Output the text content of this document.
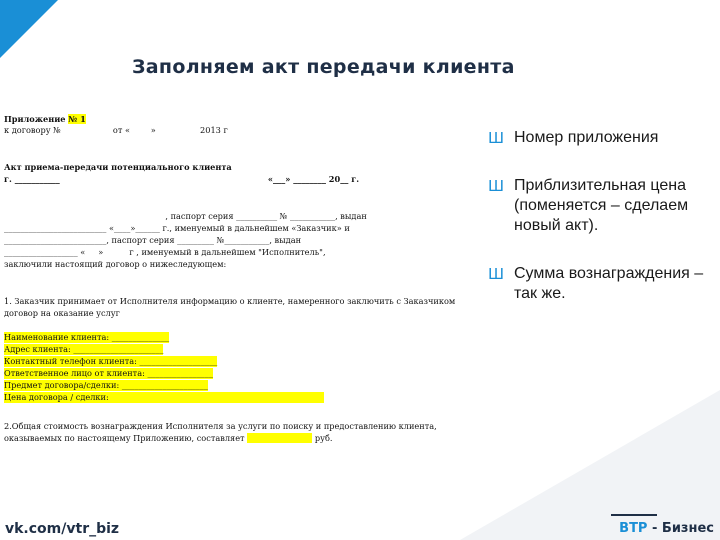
Заполняем акт передачи клиента
Приложение № 1
к договору №                    от «        »                 2013 г
Акт приема-передачи потенциального клиента
г. ___________                                                                         «___» ________ 20__ г.
, паспорт серия __________ № ___________, выдан
_________________________ «____»______ г., именуемый в дальнейшем «Заказчик» и
_________________________, паспорт серия _________ №___________, выдан
__________________ «     »          г , именуемый в дальнейшем "Исполнитель",
заключили настоящий договор о нижеследующем:
1. Заказчик принимает от Исполнителя информацию о клиенте, намеренного заключить с Заказчиком
договор на оказание услуг
Наименование клиента: ______________
Адрес клиента: ______________________
Контактный телефон клиента: ___________________
Ответственное лицо от клиента: ________________
Предмет договора/сделки: _____________________
Цена договора / сделки:
2.Общая стоимость вознаграждения Исполнителя за услуги по поиску и предоставлению клиента,
оказываемых по настоящему Приложению, составляет	руб.
Ш Номер приложения
Ш Приблизительная цена (поменяется – сделаем новый акт).
Ш Сумма вознаграждения – так же.
vk.com/vtr_biz	ВТР - Бизнес
